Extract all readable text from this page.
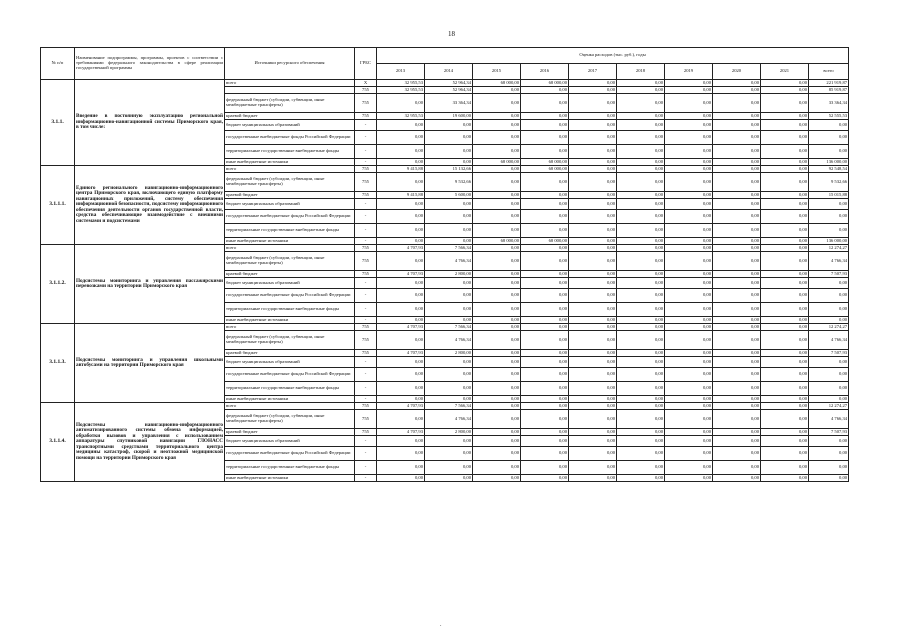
18
№ п/п	Наименование подпрограммы, программы, проектов с соответствии с требованиями федерального законодательства в сфере реализации государственной программы	Источники ресурсного обеспечения	ГРБС	Оценка расходов (тыс. руб.), годы									
				2013	2014	2015	2016	2017	2018	2019	2020	2021	всего
3.1.1.	Введение в постоянную эксплуатацию региональной информационно-навигационной системы Приморского края, в том числе:	всего	Х	32 955,53	52 964,34	68 000,00	68 000,00	0,00	0,00	0,00	0,00	0,00	221 919,87
			755	32 955,53	52 964,34	0,00	0,00	0,00	0,00	0,00	0,00	0,00	85 919,87
		федеральный бюджет (субсидии, субвенции, иные межбюджетные трансферты)	755	0,00	33 364,34	0,00	0,00	0,00	0,00	0,00	0,00	0,00	33 364,34
		краевой бюджет	755	32 955,53	19 600,00	0,00	0,00	0,00	0,00	0,00	0,00	0,00	52 555,53
		бюджет муниципальных образований	-	0,00	0,00	0,00	0,00	0,00	0,00	0,00	0,00	0,00	0,00
		государственные внебюджетные фонды Российской Федерации	-	0,00	0,00	0,00	0,00	0,00	0,00	0,00	0,00	0,00	0,00
		территориальные государственные внебюджетные фонды	-	0,00	0,00	0,00	0,00	0,00	0,00	0,00	0,00	0,00	0,00
		иные внебюджетные источники	-	0,00	0,00	68 000,00	68 000,00	0,00	0,00	0,00	0,00	0,00	136 000,00
3.1.1.1.	Единого регионального навигационно-информационного центра Приморского края, включающего единую платформу навигационных приложений, систему обеспечения информационной безопасности, подсистему информационного обеспечения деятельности органов государственной власти, средства обеспечивающие взаимодействие с внешними системами и подсистемами	всего	755	9 415,88	15 132,66	0,00	68 000,00	0,00	0,00	0,00	0,00	0,00	92 548,54
		федеральный бюджет (субсидии, субвенции, иные межбюджетные трансферты)	755	0,00	9 532,66	0,00	0,00	0,00	0,00	0,00	0,00	0,00	9 532,66
		краевой бюджет	755	9 415,88	5 600,00	0,00	0,00	0,00	0,00	0,00	0,00	0,00	15 015,88
		бюджет муниципальных образований	-	0,00	0,00	0,00	0,00	0,00	0,00	0,00	0,00	0,00	0,00
		государственные внебюджетные фонды Российской Федерации	-	0,00	0,00	0,00	0,00	0,00	0,00	0,00	0,00	0,00	0,00
		территориальные государственные внебюджетные фонды	-	0,00	0,00	0,00	0,00	0,00	0,00	0,00	0,00	0,00	0,00
		иные внебюджетные источники	-	0,00	0,00	68 000,00	68 000,00	0,00	0,00	0,00	0,00	0,00	136 000,00
3.1.1.2.	Подсистемы мониторинга и управления пассажирскими перевозками на территории Приморского края	всего	755	4 707,93	7 566,34	0,00	0,00	0,00	0,00	0,00	0,00	0,00	12 274,27
		федеральный бюджет (субсидии, субвенции, иные межбюджетные трансферты)	755	0,00	4 766,34	0,00	0,00	0,00	0,00	0,00	0,00	0,00	4 766,34
		краевой бюджет	755	4 707,93	2 800,00	0,00	0,00	0,00	0,00	0,00	0,00	0,00	7 507,93
		бюджет муниципальных образований	-	0,00	0,00	0,00	0,00	0,00	0,00	0,00	0,00	0,00	0,00
		государственные внебюджетные фонды Российской Федерации	-	0,00	0,00	0,00	0,00	0,00	0,00	0,00	0,00	0,00	0,00
		территориальные государственные внебюджетные фонды	-	0,00	0,00	0,00	0,00	0,00	0,00	0,00	0,00	0,00	0,00
		иные внебюджетные источники	-	0,00	0,00	0,00	0,00	0,00	0,00	0,00	0,00	0,00	0,00
3.1.1.3.	Подсистемы мониторинга и управления школьными автобусами на территории Приморского края	всего	755	4 707,93	7 566,34	0,00	0,00	0,00	0,00	0,00	0,00	0,00	12 274,27
		федеральный бюджет (субсидии, субвенции, иные межбюджетные трансферты)	755	0,00	4 766,34	0,00	0,00	0,00	0,00	0,00	0,00	0,00	4 766,34
		краевой бюджет	755	4 707,93	2 800,00	0,00	0,00	0,00	0,00	0,00	0,00	0,00	7 507,93
		бюджет муниципальных образований	-	0,00	0,00	0,00	0,00	0,00	0,00	0,00	0,00	0,00	0,00
		государственные внебюджетные фонды Российской Федерации	-	0,00	0,00	0,00	0,00	0,00	0,00	0,00	0,00	0,00	0,00
		территориальные государственные внебюджетные фонды	-	0,00	0,00	0,00	0,00	0,00	0,00	0,00	0,00	0,00	0,00
		иные внебюджетные источники	-	0,00	0,00	0,00	0,00	0,00	0,00	0,00	0,00	0,00	0,00
3.1.1.4.	Подсистемы навигационно-информационного автоматизированного системы обмена информацией, обработки вызовов и управления с использованием аппаратуры спутниковой навигации ГЛОНАСС транспортными средствами территориального центра медицины катастроф, скорой и неотложной медицинской помощи на территории Приморского края	всего	755	4 707,93	7 566,34	0,00	0,00	0,00	0,00	0,00	0,00	0,00	12 274,27
		федеральный бюджет (субсидии, субвенции, иные межбюджетные трансферты)	755	0,00	4 766,34	0,00	0,00	0,00	0,00	0,00	0,00	0,00	4 766,34
		краевой бюджет	755	4 707,93	2 800,00	0,00	0,00	0,00	0,00	0,00	0,00	0,00	7 507,93
		бюджет муниципальных образований	-	0,00	0,00	0,00	0,00	0,00	0,00	0,00	0,00	0,00	0,00
		государственные внебюджетные фонды Российской Федерации	-	0,00	0,00	0,00	0,00	0,00	0,00	0,00	0,00	0,00	0,00
		территориальные государственные внебюджетные фонды	-	0,00	0,00	0,00	0,00	0,00	0,00	0,00	0,00	0,00	0,00
		иные внебюджетные источники	-	0,00	0,00	0,00	0,00	0,00	0,00	0,00	0,00	0,00	0,00
.
